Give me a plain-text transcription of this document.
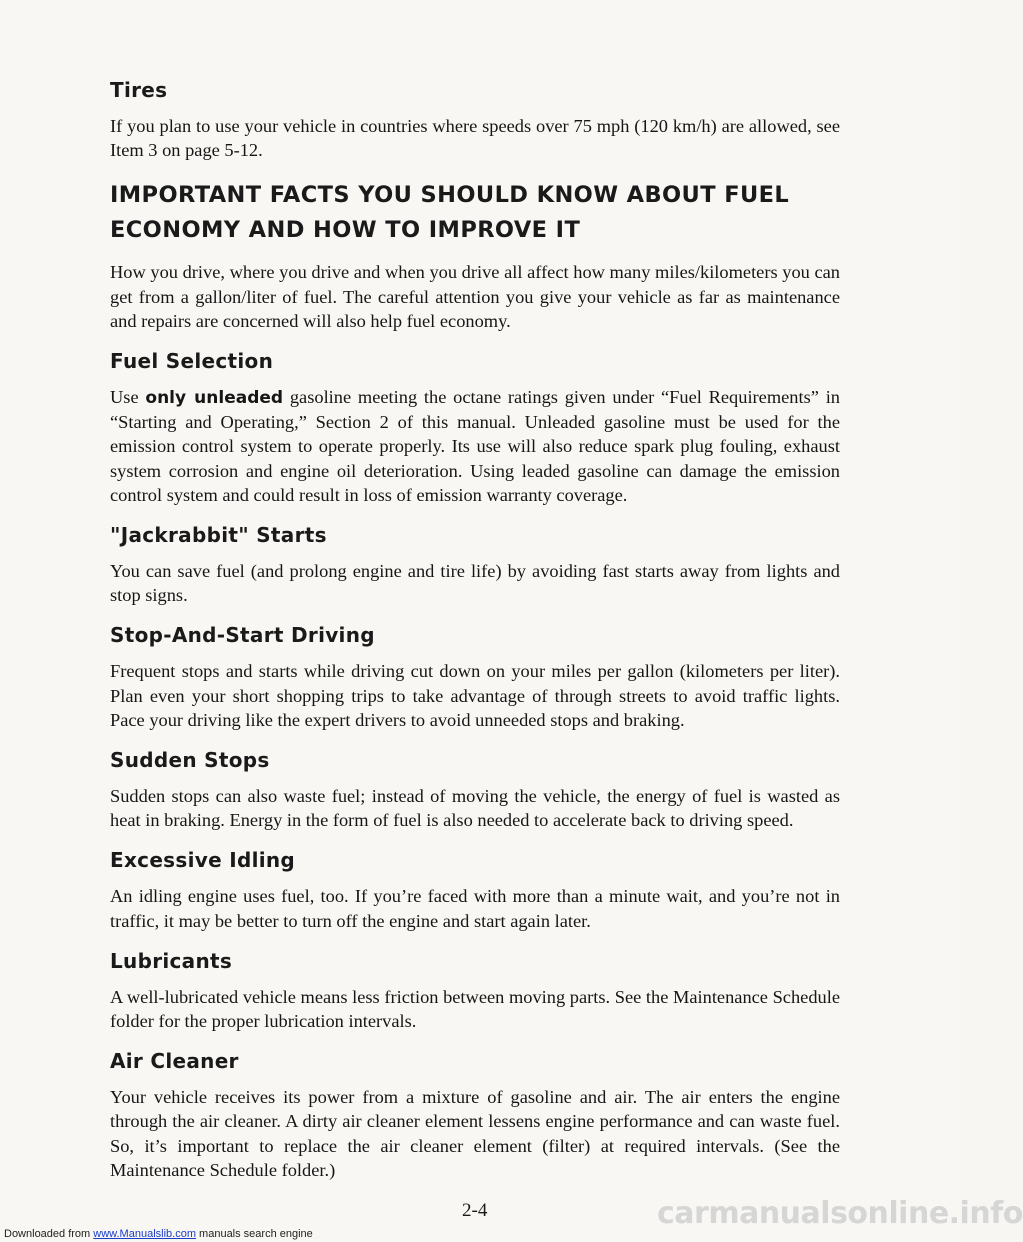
Tires

If you plan to use your vehicle in countries where speeds over 75 mph (120 km/h) are allowed, see Item 3 on page 5-12.

IMPORTANT FACTS YOU SHOULD KNOW ABOUT FUEL ECONOMY AND HOW TO IMPROVE IT

How you drive, where you drive and when you drive all affect how many miles/kilometers you can get from a gallon/liter of fuel. The careful attention you give your vehicle as far as maintenance and repairs are concerned will also help fuel economy.

Fuel Selection

Use only unleaded gasoline meeting the octane ratings given under “Fuel Requirements” in “Starting and Operating,” Section 2 of this manual. Unleaded gasoline must be used for the emission control system to operate properly. Its use will also reduce spark plug fouling, exhaust system corrosion and engine oil deterioration. Using leaded gasoline can damage the emission control system and could result in loss of emission warranty coverage.

"Jackrabbit" Starts

You can save fuel (and prolong engine and tire life) by avoiding fast starts away from lights and stop signs.

Stop-And-Start Driving

Frequent stops and starts while driving cut down on your miles per gallon (kilometers per liter). Plan even your short shopping trips to take advantage of through streets to avoid traffic lights. Pace your driving like the expert drivers to avoid unneeded stops and braking.

Sudden Stops

Sudden stops can also waste fuel; instead of moving the vehicle, the energy of fuel is wasted as heat in braking. Energy in the form of fuel is also needed to accelerate back to driving speed.

Excessive Idling

An idling engine uses fuel, too. If you’re faced with more than a minute wait, and you’re not in traffic, it may be better to turn off the engine and start again later.

Lubricants

A well-lubricated vehicle means less friction between moving parts. See the Maintenance Schedule folder for the proper lubrication intervals.

Air Cleaner

Your vehicle receives its power from a mixture of gasoline and air. The air enters the engine through the air cleaner. A dirty air cleaner element lessens engine performance and can waste fuel. So, it’s important to replace the air cleaner element (filter) at required intervals. (See the Maintenance Schedule folder.)

2-4	carmanualsonline.info
Downloaded from www.Manualslib.com manuals search engine
